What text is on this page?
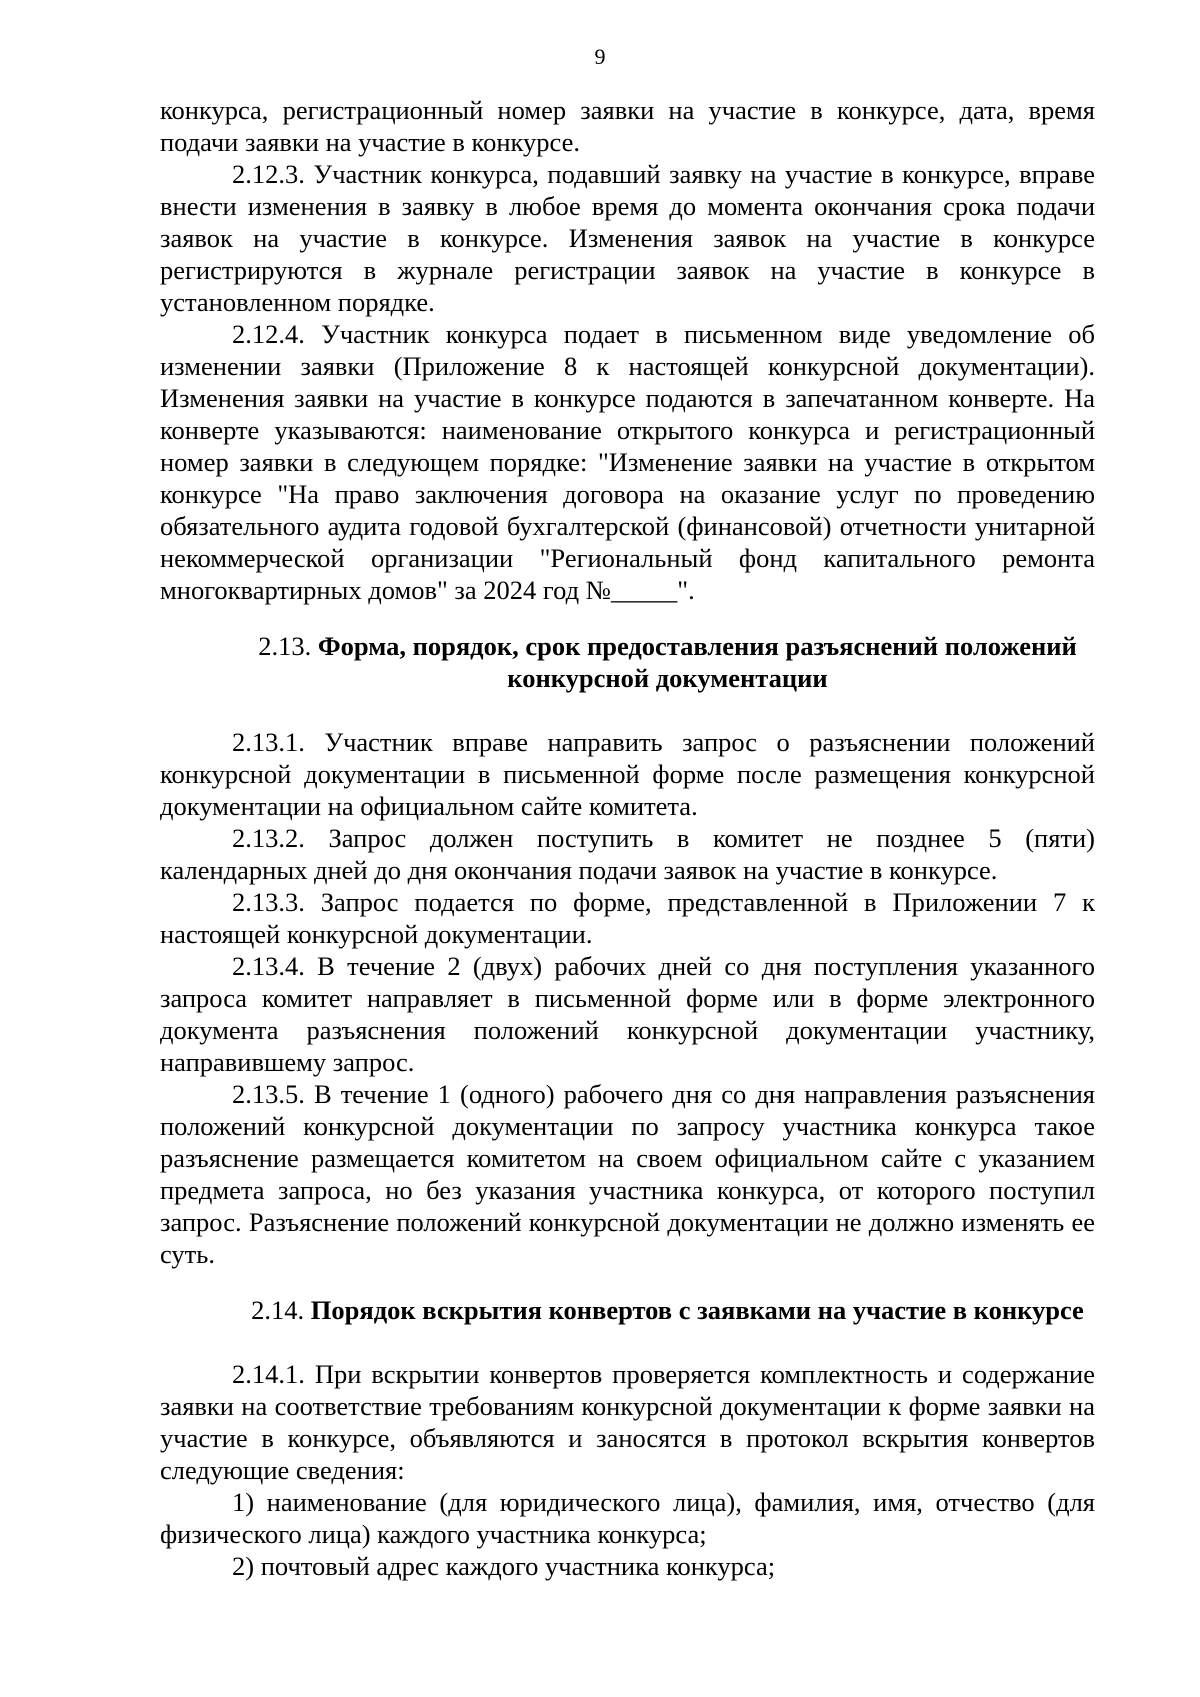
9

конкурса, регистрационный номер заявки на участие в конкурсе, дата, время подачи заявки на участие в конкурсе.

2.12.3. Участник конкурса, подавший заявку на участие в конкурсе, вправе внести изменения в заявку в любое время до момента окончания срока подачи заявок на участие в конкурсе. Изменения заявок на участие в конкурсе регистрируются в журнале регистрации заявок на участие в конкурсе в установленном порядке.

2.12.4. Участник конкурса подает в письменном виде уведомление об изменении заявки (Приложение 8 к настоящей конкурсной документации). Изменения заявки на участие в конкурсе подаются в запечатанном конверте. На конверте указываются: наименование открытого конкурса и регистрационный номер заявки в следующем порядке: "Изменение заявки на участие в открытом конкурсе "На право заключения договора на оказание услуг по проведению обязательного аудита годовой бухгалтерской (финансовой) отчетности унитарной некоммерческой организации "Региональный фонд капитального ремонта многоквартирных домов" за 2024 год №_____".

2.13. Форма, порядок, срок предоставления разъяснений положений конкурсной документации

2.13.1. Участник вправе направить запрос о разъяснении положений конкурсной документации в письменной форме после размещения конкурсной документации на официальном сайте комитета.

2.13.2. Запрос должен поступить в комитет не позднее 5 (пяти) календарных дней до дня окончания подачи заявок на участие в конкурсе.

2.13.3. Запрос подается по форме, представленной в Приложении 7 к настоящей конкурсной документации.

2.13.4. В течение 2 (двух) рабочих дней со дня поступления указанного запроса комитет направляет в письменной форме или в форме электронного документа разъяснения положений конкурсной документации участнику, направившему запрос.

2.13.5. В течение 1 (одного) рабочего дня со дня направления разъяснения положений конкурсной документации по запросу участника конкурса такое разъяснение размещается комитетом на своем официальном сайте с указанием предмета запроса, но без указания участника конкурса, от которого поступил запрос. Разъяснение положений конкурсной документации не должно изменять ее суть.

2.14. Порядок вскрытия конвертов с заявками на участие в конкурсе

2.14.1. При вскрытии конвертов проверяется комплектность и содержание заявки на соответствие требованиям конкурсной документации к форме заявки на участие в конкурсе, объявляются и заносятся в протокол вскрытия конвертов следующие сведения:

1) наименование (для юридического лица), фамилия, имя, отчество (для физического лица) каждого участника конкурса;

2) почтовый адрес каждого участника конкурса;
